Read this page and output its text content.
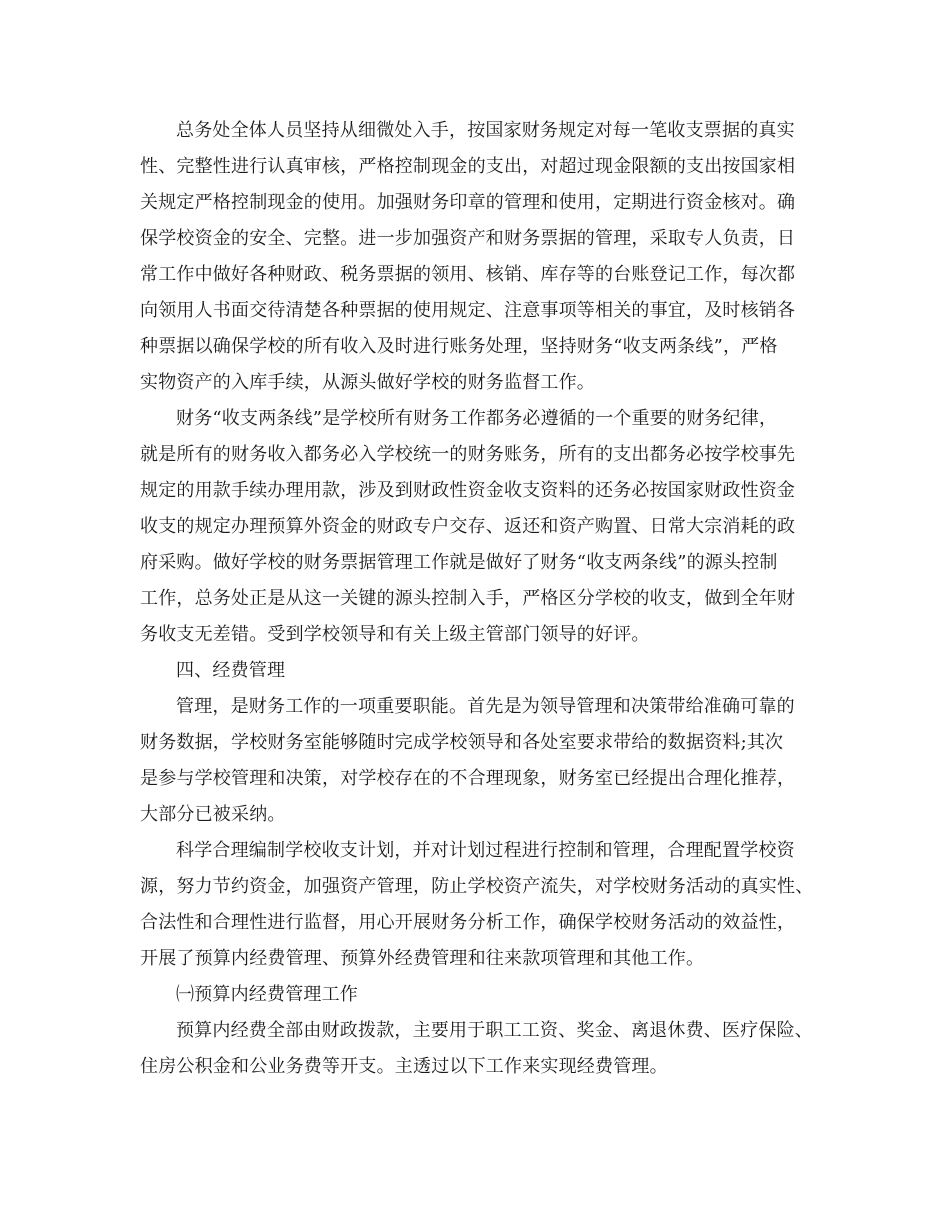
总务处全体人员坚持从细微处入手，按国家财务规定对每一笔收支票据的真实
性、完整性进行认真审核，严格控制现金的支出，对超过现金限额的支出按国家相
关规定严格控制现金的使用。加强财务印章的管理和使用，定期进行资金核对。确
保学校资金的安全、完整。进一步加强资产和财务票据的管理，采取专人负责，日
常工作中做好各种财政、税务票据的领用、核销、库存等的台账登记工作，每次都
向领用人书面交待清楚各种票据的使用规定、注意事项等相关的事宜，及时核销各
种票据以确保学校的所有收入及时进行账务处理，坚持财务“收支两条线”，严格
实物资产的入库手续，从源头做好学校的财务监督工作。
财务“收支两条线”是学校所有财务工作都务必遵循的一个重要的财务纪律，
就是所有的财务收入都务必入学校统一的财务账务，所有的支出都务必按学校事先
规定的用款手续办理用款，涉及到财政性资金收支资料的还务必按国家财政性资金
收支的规定办理预算外资金的财政专户交存、返还和资产购置、日常大宗消耗的政
府采购。做好学校的财务票据管理工作就是做好了财务“收支两条线”的源头控制
工作，总务处正是从这一关键的源头控制入手，严格区分学校的收支，做到全年财
务收支无差错。受到学校领导和有关上级主管部门领导的好评。
四、经费管理
管理，是财务工作的一项重要职能。首先是为领导管理和决策带给准确可靠的
财务数据，学校财务室能够随时完成学校领导和各处室要求带给的数据资料;其次
是参与学校管理和决策，对学校存在的不合理现象，财务室已经提出合理化推荐，
大部分已被采纳。
科学合理编制学校收支计划，并对计划过程进行控制和管理，合理配置学校资
源，努力节约资金，加强资产管理，防止学校资产流失，对学校财务活动的真实性、
合法性和合理性进行监督，用心开展财务分析工作，确保学校财务活动的效益性，
开展了预算内经费管理、预算外经费管理和往来款项管理和其他工作。
㈠预算内经费管理工作
预算内经费全部由财政拨款，主要用于职工工资、奖金、离退休费、医疗保险、
住房公积金和公业务费等开支。主透过以下工作来实现经费管理。
